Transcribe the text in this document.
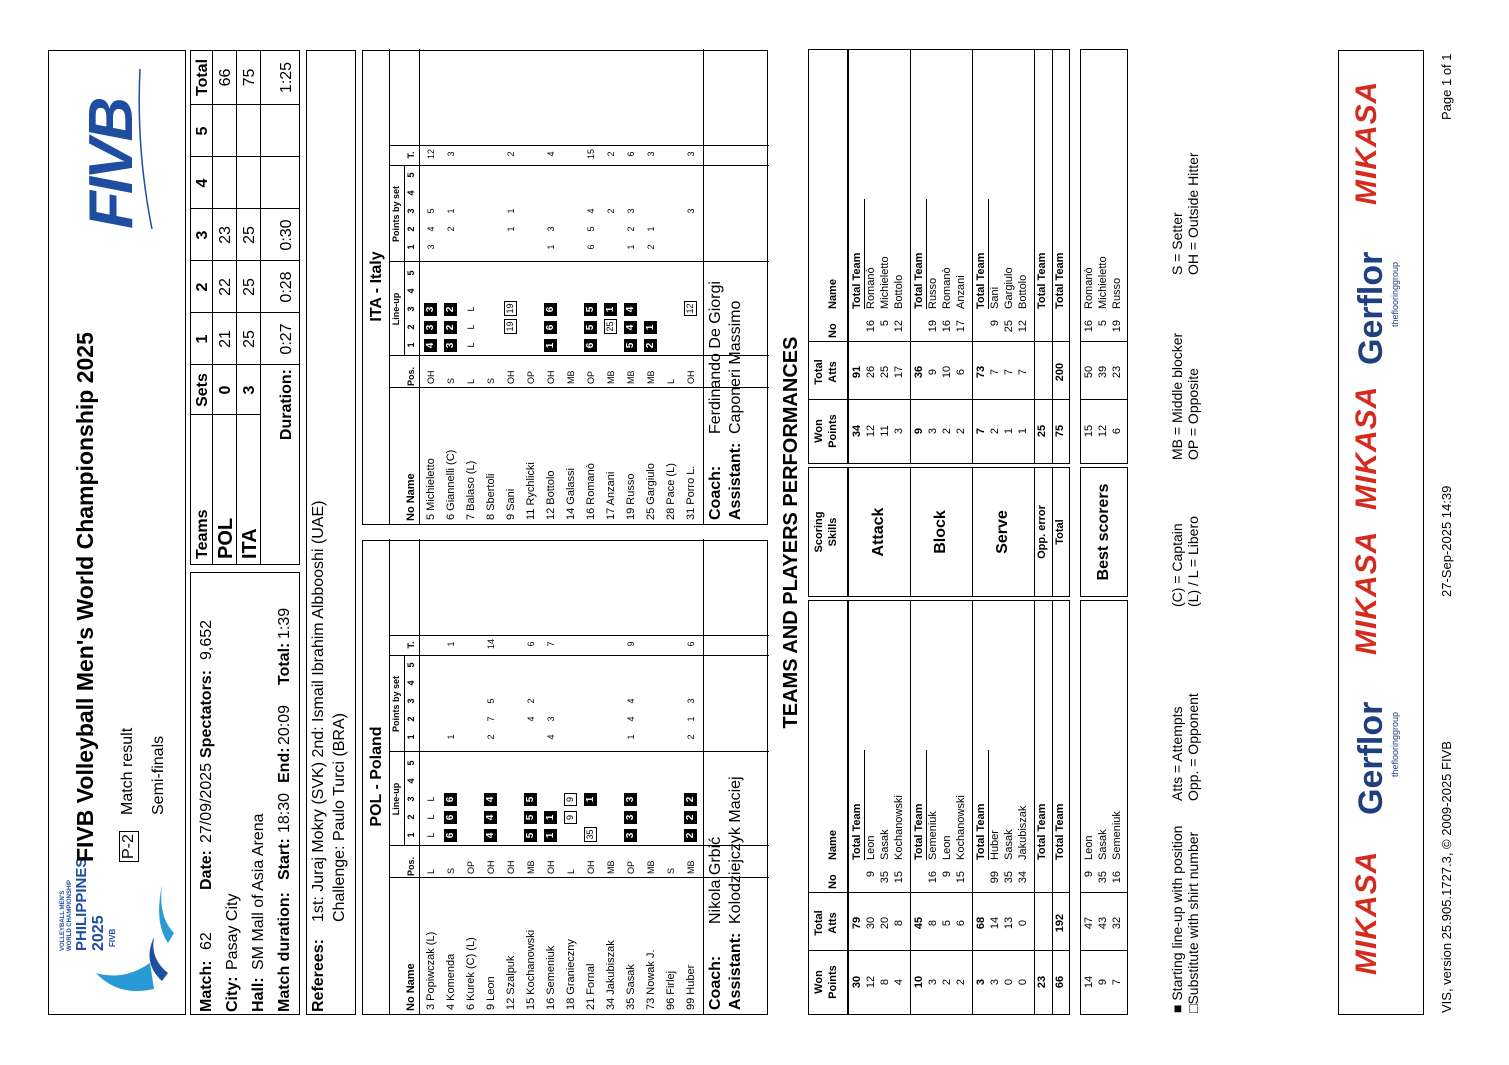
VOLLEYBALL MEN'S WORLD CHAMPIONSHIP PHILIPPINES 2025 FIVB
FIVB Volleyball Men's World Championship 2025 P-2
Match result Semi-finals
FIVB
Match:
62
Date:
27/09/2025
Spectators:
9,652
City:
Pasay City
Hall:
SM Mall of Asia Arena Match duration:
Start:
18:30
End:
20:09
Total:
1:39
Teams
Sets
1
2
3
4
5
Total
POL
0
21
22
23
66
ITA
3
25
25
25
75
Duration:
0:27
0:28
0:30
1:25
Referees:
1st: Juraj Mokry (SVK) 2nd: Ismail Ibrahim Albbooshi (UAE) Challenge: Paulo Turci (BRA) POL - Poland Line-up
Points by set
1
1
2
2
3
3
4
4
5
5
No Name
Pos.
T.
3 Popiwczak (L)
L
L
L
L
4 Komenda
S
6
6
6
1
1
6 Kurek (C) (L)
OP
9 Leon
OH
4
4
4
2
7
5
14
12 Szalpuk
OH
15 Kochanowski
MB
5
5
5
4
2
6
16 Semeniuk
OH
1
1
4
3
7
18 Granieczny
L
9
9
21 Fornal
OH
35
1
34 Jakubiszak
MB
35 Sasak
OP
3
3
3
1
4
4
9
73 Nowak J.
MB
96 Firlej
S
99 Huber
MB
2
2
2
2
1
3
6
Coach:
Nikola Grbić
Assistant:
Kolodziejczyk Maciej
ITA - Italy Line-up
Points by set
1
1
2
2
3
3
4
4
5
5
No Name
Pos.
T.
5 Michieletto
OH
4
3
3
3
4
5
12
6 Giannelli (C)
S
3
2
2
2
1
3
7 Balaso (L)
L
L
L
L
8 Sbertoli
S
9 Sani
OH
19
19
1
1
2
11 Rychlicki
OP
12 Bottolo
OH
1
6
6
1
3
4
14 Galassi
MB
16 Romanò
OP
6
5
5
6
5
4
15
17 Anzani
MB
25
1
2
2
19 Russo
MB
5
4
4
1
2
3
6
25 Gargiulo
MB
2
1
2
1
3
28 Pace (L)
L
31 Porro L.
OH
12
3
3
Coach:
Ferdinando De Giorgi
Assistant:
Caponeri Massimo TEAMS AND PLAYERS PERFORMANCES
Won Points
Total Atts
No
Name
30
79
Total Team
12
30
9
Leon
8
20
35
Sasak
4
8
15
Kochanowski
10
45
Total Team
3
8
16
Semeniuk
2
5
9
Leon
2
6
15
Kochanowski
3
68
Total Team
3
14
99
Huber
0
13
35
Sasak
0
0
34
Jakubiszak
23
Total Team
66
192
Total Team
14
47
9
Leon
9
43
35
Sasak
7
32
16
Semeniuk
Scoring Skills Attack	Block	Serve Opp. error Total Best scorers
Won Points
Total Atts
No
Name
34
91
Total Team
12
26
16
Romanò
11
25
5
Michieletto
3
17
12
Bottolo
9
36
Total Team
3
9
19
Russo
2
10
16
Romanò
2
6
17
Anzani
7
73
Total Team
2
7
9
Sani
1
7
25
Gargiulo
1
7
12
Bottolo
25
Total Team
75
200
Total Team
15
50
16
Romanò
12
39
5
Michieletto
6
23
19
Russo
■ Starting line-up with position □Substitute with shirt number
Atts = Attempts Opp. = Opponent
(C) = Captain (L) / L = Libero
MB = Middle blocker OP = Opposite
S = Setter OH = Outside Hitter
MIKASA
Gerflor theflooringgroup
MIKASA
MIKASA
Gerflor theflooringgroup
MIKASA
VIS, version 25.905.1727.3, © 2009-2025 FIVB
27-Sep-2025 14:39
Page 1 of 1
